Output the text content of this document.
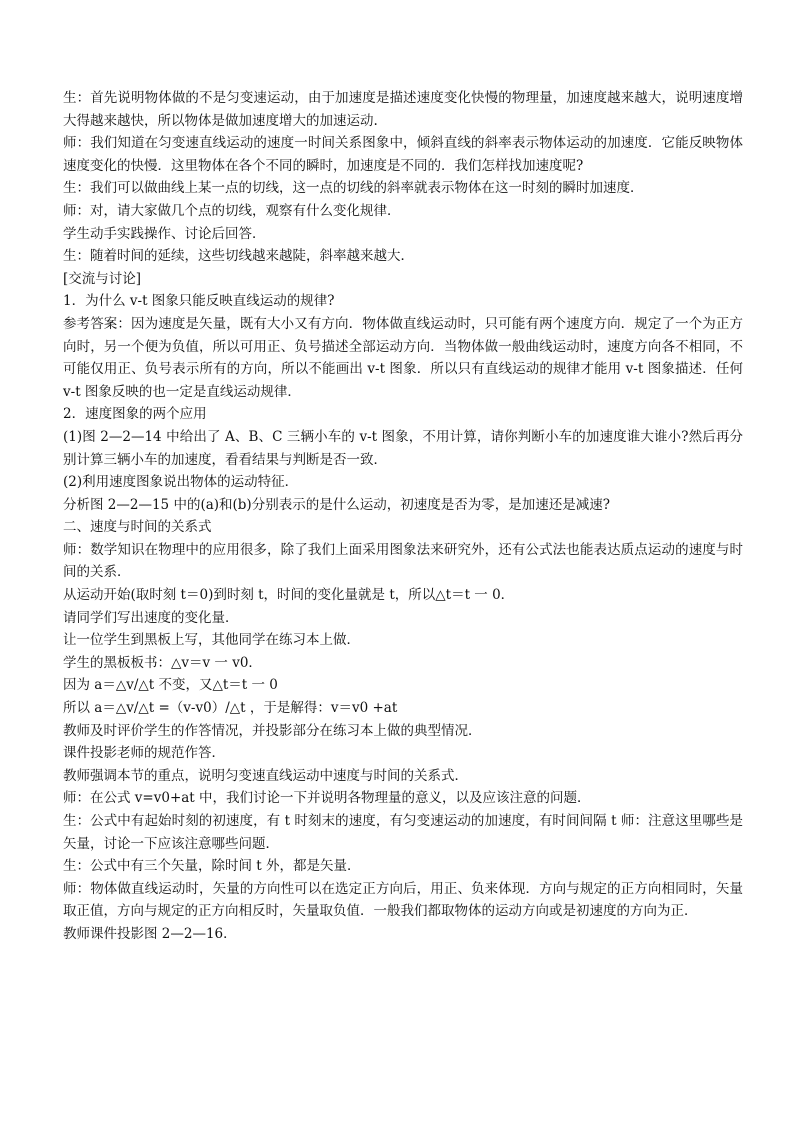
生：首先说明物体做的不是匀变速运动，由于加速度是描述速度变化快慢的物理量，加速度越来越大，说明速度增大得越来越快，所以物体是做加速度增大的加速运动.

师：我们知道在匀变速直线运动的速度一时间关系图象中，倾斜直线的斜率表示物体运动的加速度．它能反映物体速度变化的快慢．这里物体在各个不同的瞬时，加速度是不同的．我们怎样找加速度呢?

生：我们可以做曲线上某一点的切线，这一点的切线的斜率就表示物体在这一时刻的瞬时加速度．

师：对，请大家做几个点的切线，观察有什么变化规律．

学生动手实践操作、讨论后回答．

生：随着时间的延续，这些切线越来越陡，斜率越来越大．

[交流与讨论]

1．为什么 v-t 图象只能反映直线运动的规律?

参考答案：因为速度是矢量，既有大小又有方向．物体做直线运动时，只可能有两个速度方向．规定了一个为正方向时，另一个便为负值，所以可用正、负号描述全部运动方向．当物体做一般曲线运动时，速度方向各不相同，不可能仅用正、负号表示所有的方向，所以不能画出 v-t 图象．所以只有直线运动的规律才能用 v-t 图象描述．任何 v-t 图象反映的也一定是直线运动规律．

2．速度图象的两个应用

(1)图 2—2—14 中给出了 A、B、C 三辆小车的 v-t 图象，不用计算，请你判断小车的加速度谁大谁小?然后再分别计算三辆小车的加速度，看看结果与判断是否一致．

(2)利用速度图象说出物体的运动特征．

分析图 2—2—15 中的(a)和(b)分别表示的是什么运动，初速度是否为零，是加速还是减速?

二、速度与时间的关系式

师：数学知识在物理中的应用很多，除了我们上面采用图象法来研究外，还有公式法也能表达质点运动的速度与时间的关系．

从运动开始(取时刻 t＝0)到时刻 t，时间的变化量就是 t，所以△t＝t 一 0．

请同学们写出速度的变化量．

让一位学生到黑板上写，其他同学在练习本上做．

学生的黑板板书：△v＝v 一 v0．

因为 a＝△v/△t 不变，又△t＝t 一 0

所以 a＝△v/△t =（v-v0）/△t ，于是解得：v＝v0 +at

教师及时评价学生的作答情况，并投影部分在练习本上做的典型情况．

课件投影老师的规范作答．

教师强调本节的重点，说明匀变速直线运动中速度与时间的关系式．

师：在公式 v=v0+at 中，我们讨论一下并说明各物理量的意义，以及应该注意的问题．

生：公式中有起始时刻的初速度，有 t 时刻末的速度，有匀变速运动的加速度，有时间间隔 t 师：注意这里哪些是矢量，讨论一下应该注意哪些问题．

生：公式中有三个矢量，除时间 t 外，都是矢量．

师：物体做直线运动时，矢量的方向性可以在选定正方向后，用正、负来体现．方向与规定的正方向相同时，矢量取正值，方向与规定的正方向相反时，矢量取负值．一般我们都取物体的运动方向或是初速度的方向为正．

教师课件投影图 2—2—16．
